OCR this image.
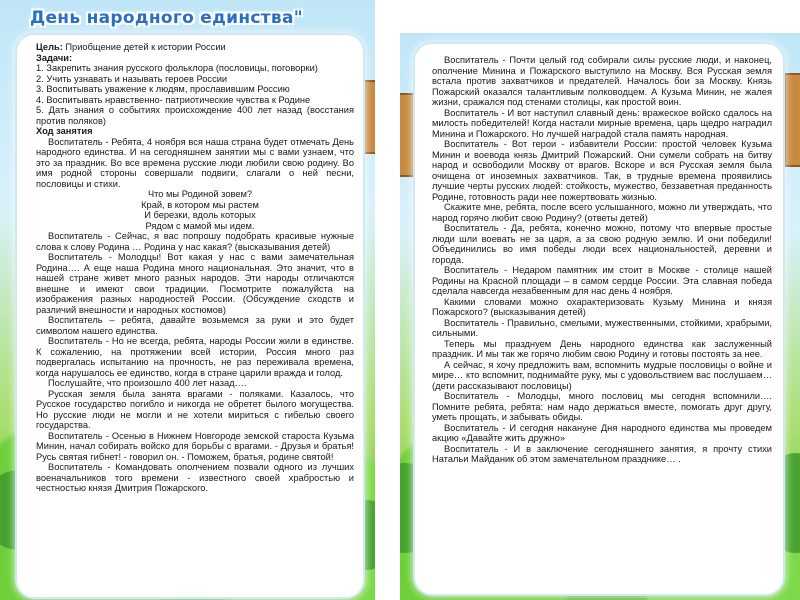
День народного единства"

Цель: Приобщение детей к истории России

Задачи:

1. Закрепить знания русского фольклора (пословицы, поговорки)

2. Учить узнавать и называть героев России

3. Воспитывать уважение к людям, прославившим Россию

4. Воспитывать нравственно- патриотические чувства к Родине

5. Дать знания о событиях происхождение 400 лет назад (восстания против поляков)

Ход занятия

Воспитатель - Ребята, 4 ноября вся наша страна будет отмечать День народного единства. И на сегодняшнем занятии мы с вами узнаем, что это за праздник. Во все времена русские люди любили свою родину. Во имя родной стороны совершали подвиги, слагали о ней песни, пословицы и стихи.

Что мы Родиной зовем?

Край, в котором мы растем

И березки, вдоль которых

Рядом с мамой мы идем.

Воспитатель - Сейчас, я вас попрошу подобрать красивые нужные слова к слову Родина … Родина у нас какая? (высказывания детей)

Воспитатель - Молодцы! Вот какая у нас с вами замечательная Родина…. А еще наша Родина много национальная. Это значит, что в нашей стране живет много разных народов. Эти народы отличаются внешне и имеют свои традиции. Посмотрите пожалуйста на изображения разных народностей России. (Обсуждение сходств и различий внешности и народных костюмов)

Воспитатель – ребята, давайте возьмемся за руки и это будет символом нашего единства.

Воспитатель - Но не всегда, ребята, народы России жили в единстве. К сожалению, на протяжении всей истории, Россия много раз подвергалась испытанию на прочность, не раз переживала времена, когда нарушалось ее единство, когда в стране царили вражда и голод.

Послушайте, что произошло 400 лет назад….

Русская земля была занята врагами - поляками. Казалось, что Русское государство погибло и никогда не обретет былого могущества. Но русские люди не могли и не хотели мириться с гибелью своего государства.

Воспитатель - Осенью в Нижнем Новгороде земской староста Кузьма Минин, начал собирать войско для борьбы с врагами. - Друзья и братья! Русь святая гибнет! - говорил он. - Поможем, братья, родине святой!

Воспитатель - Командовать ополчением позвали одного из лучших военачальников того времени - известного своей храбростью и честностью князя Дмитрия Пожарского.

Воспитатель - Почти целый год собирали силы русские люди, и наконец, ополчение Минина и Пожарского выступило на Москву. Вся Русская земля встала против захватчиков и предателей. Началось бои за Москву. Князь Пожарский оказался талантливым полководцем. А Кузьма Минин, не жалея жизни, сражался под стенами столицы, как простой воин.

Воспитатель - И вот наступил славный день: вражеское войско сдалось на милость победителей! Когда настали мирные времена, царь щедро наградил Минина и Пожарского. Но лучшей наградой стала память народная.

Воспитатель - Вот герои - избавители России: простой человек Кузьма Минин и воевода князь Дмитрий Пожарский. Они сумели собрать на битву народ и освободили Москву от врагов. Вскоре и вся Русская земля была очищена от иноземных захватчиков. Так, в трудные времена проявились лучшие черты русских людей: стойкость, мужество, беззаветная преданность Родине, готовность ради нее пожертвовать жизнью.

Скажите мне, ребята, после всего услышанного, можно ли утверждать, что народ горячо любит свою Родину? (ответы детей)

Воспитатель - Да, ребята, конечно можно, потому что впервые простые люди шли воевать не за царя, а за свою родную землю. И они победили! Объединились во имя победы люди всех национальностей, деревни и города.

Воспитатель - Недаром памятник им стоит в Москве - столице нашей Родины на Красной площади – в самом сердце России. Эта славная победа сделала навсегда незабвенным для нас день 4 ноября.

Какими словами можно охарактеризовать Кузьму Минина и князя Пожарского? (высказывания детей)

Воспитатель - Правильно, смелыми, мужественными, стойкими, храбрыми, сильными.

Теперь мы празднуем День народного единства как заслуженный праздник. И мы так же горячо любим свою Родину и готовы постоять за нее.

А сейчас, я хочу предложить вам, вспомнить мудрые пословицы о войне и мире… кто вспомнит, поднимайте руку, мы с удовольствием вас послушаем… (дети рассказывают пословицы)

Воспитатель - Молодцы, много пословиц мы сегодня вспомнили…. Помните ребята, ребята: нам надо держаться вместе, помогать друг другу, уметь прощать, и забывать обиды.

Воспитатель - И сегодня накануне Дня народного единства мы проведем акцию «Давайте жить дружно»

Воспитатель - И в заключение сегодняшнего занятия, я прочту стихи Натальи Майданик об этом замечательном празднике… .
